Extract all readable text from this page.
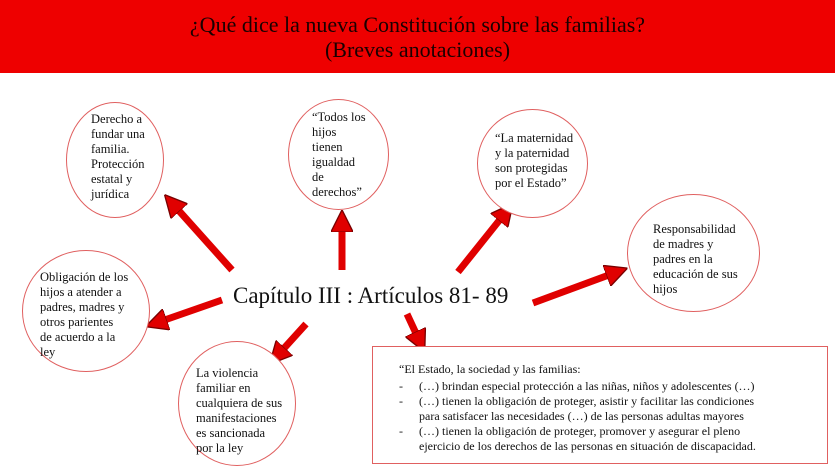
¿Qué dice la nueva Constitución sobre las familias?
(Breves anotaciones)
Derecho a
fundar una
familia.
Protección
estatal y
jurídica
“Todos los
hijos
tienen
igualdad
de
derechos”
“La maternidad
y la paternidad
son protegidas
por el Estado”
Responsabilidad
de madres y
padres en la
educación de sus
hijos
Obligación de los
hijos a atender a
padres, madres y
otros parientes
de acuerdo a la
ley
La violencia
familiar en
cualquiera de sus
manifestaciones
es sancionada
por la ley
Capítulo III : Artículos 81- 89
“El Estado, la sociedad y las familias:
- (…) brindan especial protección a las niñas, niños y adolescentes (…)
- (…) tienen la obligación de proteger, asistir y facilitar las condiciones
para satisfacer las necesidades (…) de las personas adultas mayores
- (…) tienen la obligación de proteger, promover y asegurar el pleno
ejercicio de los derechos de las personas en situación de discapacidad.
